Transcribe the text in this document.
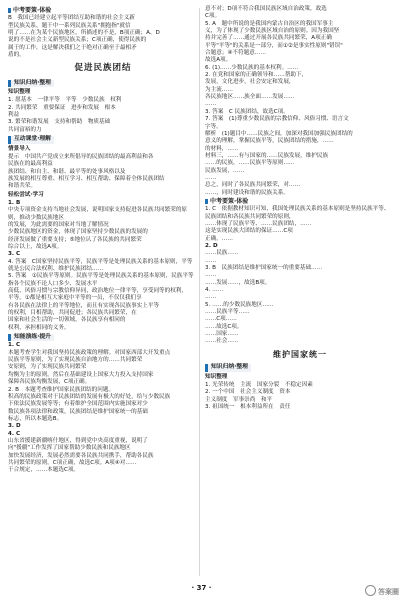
中考要策·体验

B　我国已经建立起平等团结互助和谐的社会主义新

型民族关系，题干中一系列民族关系"拥抱指"就信

明了……在为某个民族地区，所描述的不是，B项正确；A、D

说的不是社会主义新型民族关系；C项正确，使得民族的

属于的工作，这是解决我们之于绝对正确至于最相矛

盾的。

促进民族团结
知识归纳·整理
知识整理

1. 愿基本　一律平等　平等　少数民族　权利

2. 共同繁荣　重要保证　进步和发展　根本

利益

3. 繁荣和谐发展　支持和帮助　物质基础

共同富裕的力

互动课堂·理解
情景导入

提示　中国共产党成立来所倡导的民族团结的最高利益和各

民族在的最高利益

族团结、和自主、和谐、最平等的处事风格以及

族发展的相互尊重、相互学习、相互帮助、保障着全体民族团结

和谐共荣。

轻松尝试·学习

1. B

中央专项资金支持当地社会发展，说明国家支持促进各民族共同繁荣的原则，推动少数民族地区

的发展，为此需要的国家对当地了解情况

少数民族地区的资金，体现了国家坚持少数民族的发展的

经济发展做了重要支持；⑤地位认了各民族的共同繁荣

综合以上，故选A项。

3. C

4. 答案　C国家坚持民族平等，民族平等是处理民族关系的基本原则，平等就是公民合法权利、维护民族团结……

5. 答案　①民族平等原则。民族平等是处理民族关系的基本原则，民族平等指各个民族不论人口多少、发展水平

高低，风俗习惯与宗教信仰异同，政治地位一律平等，享受同等的权利，

平等。①都是相互大家庭中平等的一员，不仅仅我们享

有各民族在法律上的平等地位，而且有实现各民族事实上平等

的权利，目相帮助，共同促进；各民族共同繁荣，在

国家和社会生活的一切领域，各民族享有相同的

权利，承担相同的义务。

知能演练·提升

1. C

本题考查学生对我国坚持民族政策的理解。对国家西部大开发重点

民族平等原则，为了实现民族自治地方的……共同繁荣

安原则，为了实现民族共同繁荣

均衡为主的原则，然后在基础建设上国家大力投入支持国家

保障各民族均衡发展，C项正确。

2. B　本题考查维护国家民族团结的问题。

积高的民族政策对于民族团结的发展有极大的好处，给与少数民族

下依法民族发展等等；有着维护全国范围内实施国家对少

数民族各项法律和政策，民族团结是维护国家统一的基础

标志，所以本题选B。

3. D

4. C

山东省援建新疆喀什地区，得到党中央高度重视，说明了

向"援疆"工作发挥了国家帮助少数民族和民族地区

加快发展经济，发展必然需要各民族共同携手，帮助各民族

共同繁荣的原则，C项正确，故选C项。A项④对……

干合规定，……本题选C项。

意不对；D项不符合我国民族区域自治政策，故选

C项。

5. A　题中所说的是我国内蒙古自治区的我国军事主

义，为了体现了少数民族区域自治的原则。因为我国坚

持并完善了……通过开展各民族共同繁荣，A项正确

平等"平等"的关系是一部分，而①②是事实性原则"错误"

合题意；④不符题意……

故选A项。

6. (1)……少数民族的基本权利。……

2. 在党和国家的正确领导和……帮助下，

发展，文化进步，社会安定和发展，

为主流……

各民族地区……族全面……发展……

……

3. 答案　C 民族团结，故选C项。

7. 答案　(1)尊重少数民族的宗教信仰、风俗习惯、语言文

字等。

解析　(1)题目中……民族之间，加深对我国加强民族团结的

意义的理解，掌握民族平等，民族团结的措施，……

的材料，……

材料三，……有与国家的……民族发展，维护民族

……的民族，……民族平等原则……

民族发展，……

……

总之，同时了各民族共同繁荣，对……

……，同时建设和谐的民族关系。

中考要策·体验

1. C　依据教材知识可知，我国处理民族关系的基本原则是坚持民族平等、民族团结和各民族共同繁荣的原则，

……体现了民族平等、……民族团结，……

这是实现民族大团结的保证……C项

正确。……

2. D

……民族……

……

3. B　民族团结是维护国家统一的重要基础……

……

……发展……，故选B项。

4. ……

……

5. ……的少数民族地区……

……民族平等……

……C项……

……故选C项。

……国家……

……社会……

维护国家统一
知识归纳·整理
知识整理

1. 光荣传统　主流　国家分裂　不稳定因素

2. 一个中国　社会主义制度　资本

主义制度　军事崇尚　和平

3. 祖国统一　根本利益所在　责任

· 37 ·	答案圈
